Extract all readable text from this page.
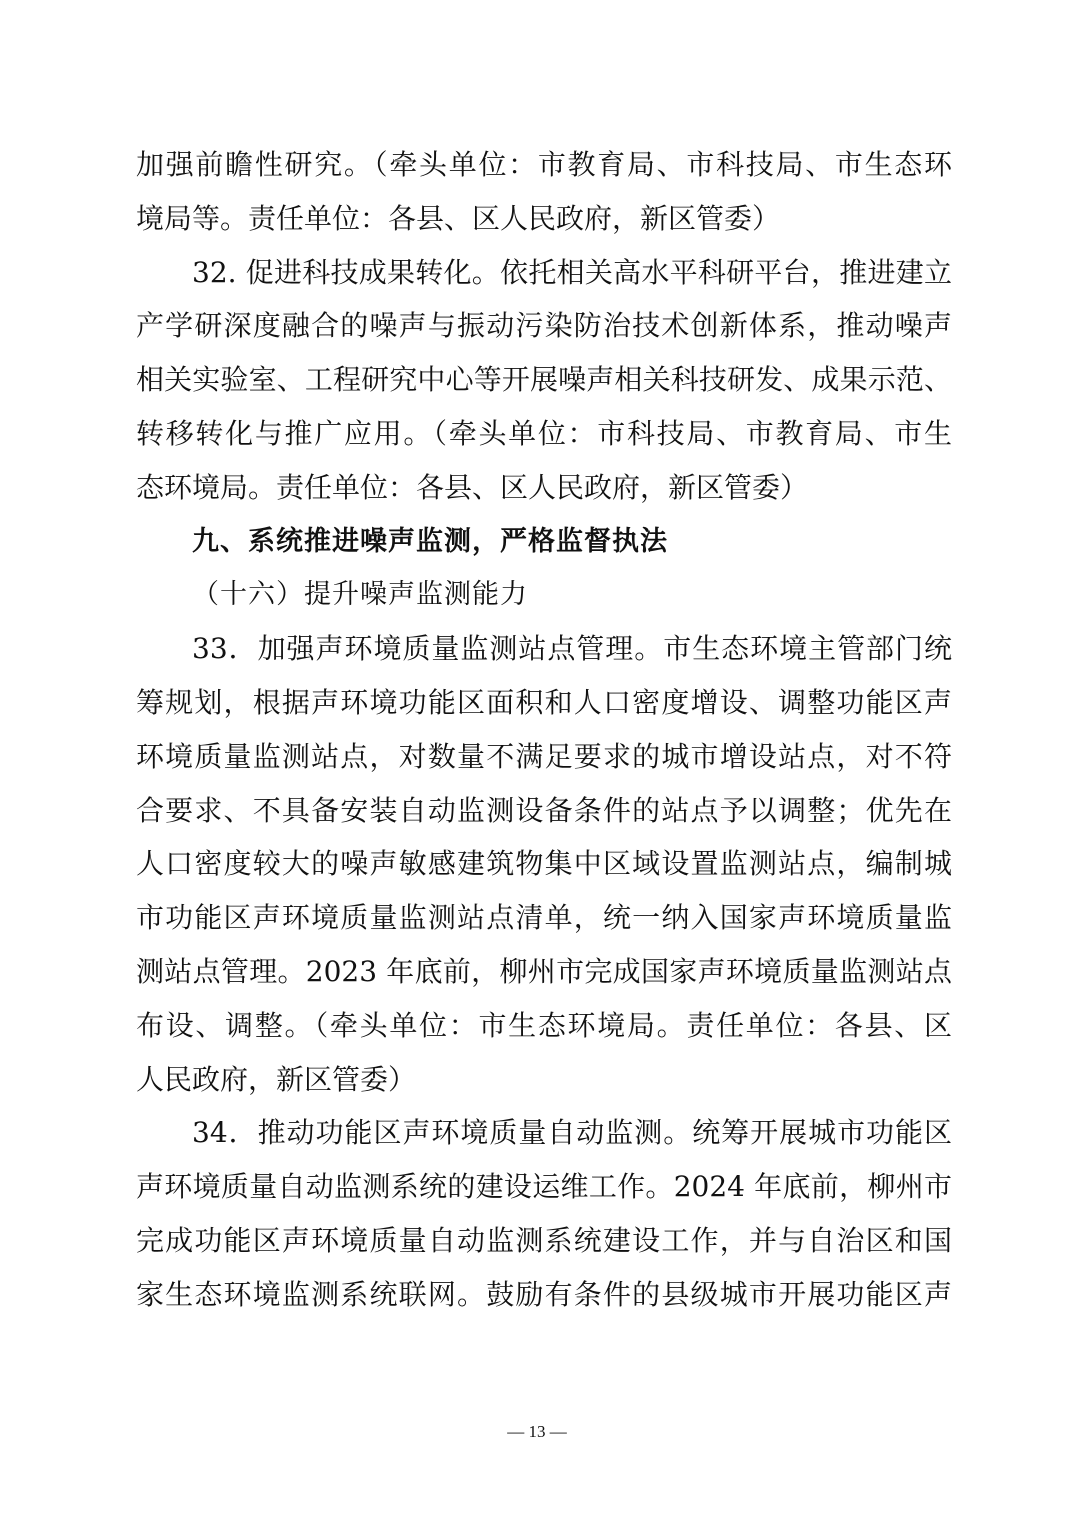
加强前瞻性研究。（牵头单位：市教育局、市科技局、市生态环
境局等。责任单位：各县、区人民政府，新区管委）
32. 促进科技成果转化。依托相关高水平科研平台，推进建立
产学研深度融合的噪声与振动污染防治技术创新体系，推动噪声
相关实验室、工程研究中心等开展噪声相关科技研发、成果示范、
转移转化与推广应用。（牵头单位：市科技局、市教育局、市生
态环境局。责任单位：各县、区人民政府，新区管委）
九、系统推进噪声监测，严格监督执法
（十六）提升噪声监测能力
33．加强声环境质量监测站点管理。市生态环境主管部门统
筹规划，根据声环境功能区面积和人口密度增设、调整功能区声
环境质量监测站点，对数量不满足要求的城市增设站点，对不符
合要求、不具备安装自动监测设备条件的站点予以调整；优先在
人口密度较大的噪声敏感建筑物集中区域设置监测站点，编制城
市功能区声环境质量监测站点清单，统一纳入国家声环境质量监
测站点管理。2023 年底前，柳州市完成国家声环境质量监测站点
布设、调整。（牵头单位：市生态环境局。责任单位：各县、区
人民政府，新区管委）
34．推动功能区声环境质量自动监测。统筹开展城市功能区
声环境质量自动监测系统的建设运维工作。2024 年底前，柳州市
完成功能区声环境质量自动监测系统建设工作，并与自治区和国
家生态环境监测系统联网。鼓励有条件的县级城市开展功能区声
— 13 —
